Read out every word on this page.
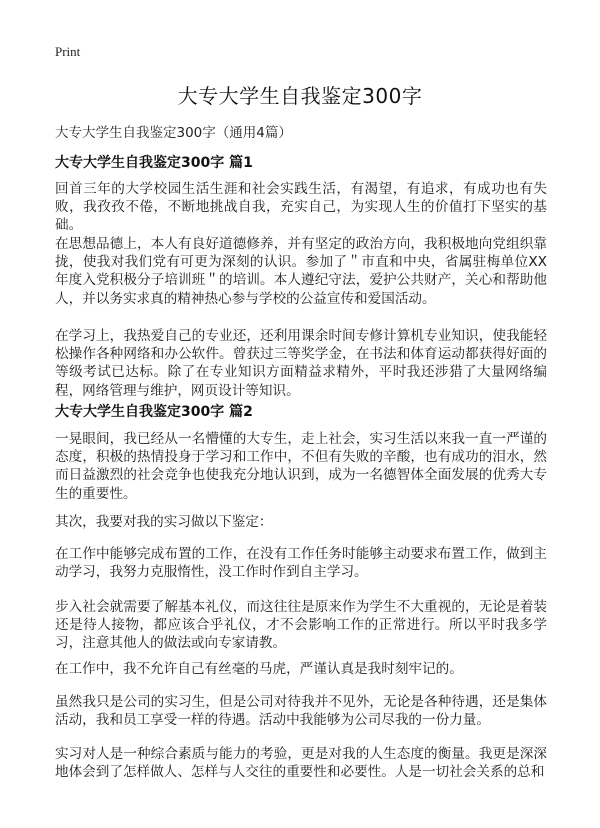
Print
大专大学生自我鉴定300字
大专大学生自我鉴定300字（通用4篇）
大专大学生自我鉴定300字 篇1
回首三年的大学校园生活生涯和社会实践生活，有渴望，有追求，有成功也有失败，我孜孜不倦，不断地挑战自我，充实自己，为实现人生的价值打下坚实的基础。
在思想品德上，本人有良好道德修养，并有坚定的政治方向，我积极地向党组织靠拢，使我对我们党有可更为深刻的认识。参加了＂市直和中央，省属驻梅单位XX年度入党积极分子培训班＂的培训。本人遵纪守法，爱护公共财产，关心和帮助他人，并以务实求真的精神热心参与学校的公益宣传和爱国活动。
在学习上，我热爱自己的专业还，还利用课余时间专修计算机专业知识，使我能轻松操作各种网络和办公软件。曾获过三等奖学金，在书法和体育运动都获得好面的等级考试已达标。除了在专业知识方面精益求精外，平时我还涉猎了大量网络编程，网络管理与维护，网页设计等知识。
大专大学生自我鉴定300字 篇2
一晃眼间，我已经从一名懵懂的大专生，走上社会，实习生活以来我一直一严谨的态度，积极的热情投身于学习和工作中，不但有失败的辛酸，也有成功的泪水，然而日益激烈的社会竞争也使我充分地认识到，成为一名德智体全面发展的优秀大专生的重要性。
其次，我要对我的实习做以下鉴定：
在工作中能够完成布置的工作，在没有工作任务时能够主动要求布置工作，做到主动学习，我努力克服惰性，没工作时作到自主学习。
步入社会就需要了解基本礼仪，而这往往是原来作为学生不大重视的，无论是着装还是待人接物，都应该合乎礼仪，才不会影响工作的正常进行。所以平时我多学习，注意其他人的做法或向专家请教。
在工作中，我不允许自己有丝毫的马虎，严谨认真是我时刻牢记的。
虽然我只是公司的实习生，但是公司对待我并不见外，无论是各种待遇，还是集体活动，我和员工享受一样的待遇。活动中我能够为公司尽我的一份力量。
实习对人是一种综合素质与能力的考验，更是对我的人生态度的衡量。我更是深深地体会到了怎样做人、怎样与人交往的重要性和必要性。人是一切社会关系的总和
